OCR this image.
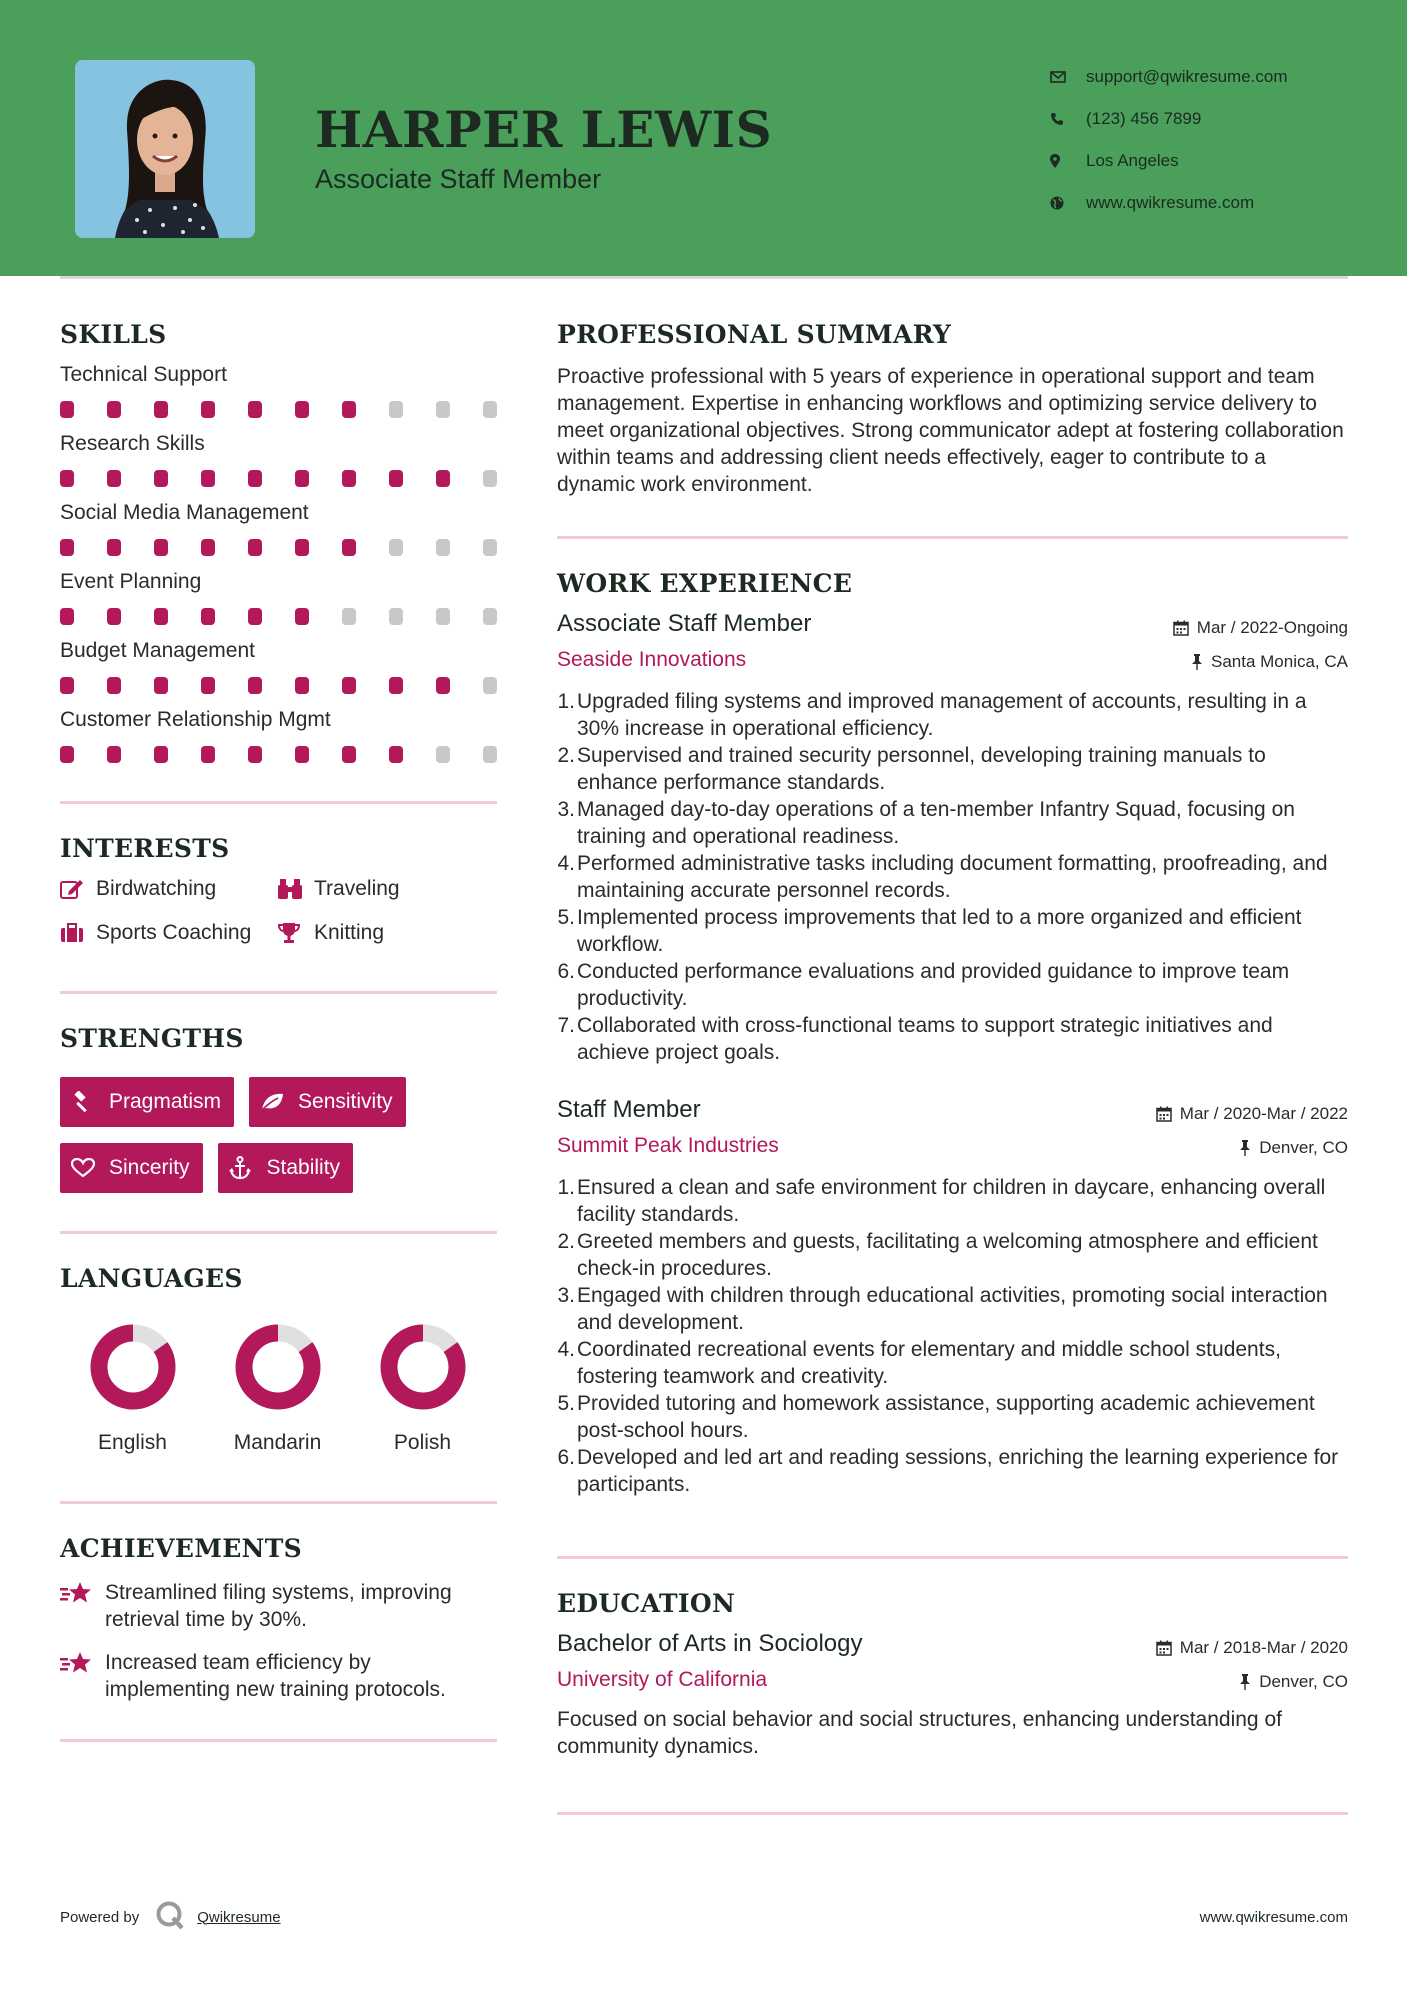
HARPER LEWIS
Associate Staff Member
support@qwikresume.com
(123) 456 7899
Los Angeles
www.qwikresume.com
SKILLS
Technical Support
Research Skills
Social Media Management
Event Planning
Budget Management
Customer Relationship Mgmt
INTERESTS
Birdwatching	Traveling
Sports Coaching	Knitting
STRENGTHS
Pragmatism	Sensitivity
Sincerity	Stability
LANGUAGES
English	Mandarin	Polish
ACHIEVEMENTS
Streamlined filing systems, improving retrieval time by 30%.
Increased team efficiency by implementing new training protocols.
PROFESSIONAL SUMMARY

Proactive professional with 5 years of experience in operational support and team management. Expertise in enhancing workflows and optimizing service delivery to meet organizational objectives. Strong communicator adept at fostering collaboration within teams and addressing client needs effectively, eager to contribute to a dynamic work environment.

WORK EXPERIENCE
Associate Staff Member	Mar / 2022-Ongoing
Seaside Innovations	Santa Monica, CA
1. Upgraded filing systems and improved management of accounts, resulting in a 30% increase in operational efficiency.
2. Supervised and trained security personnel, developing training manuals to enhance performance standards.
3. Managed day-to-day operations of a ten-member Infantry Squad, focusing on training and operational readiness.
4. Performed administrative tasks including document formatting, proofreading, and maintaining accurate personnel records.
5. Implemented process improvements that led to a more organized and efficient workflow.
6. Conducted performance evaluations and provided guidance to improve team productivity.
7. Collaborated with cross-functional teams to support strategic initiatives and achieve project goals.
Staff Member	Mar / 2020-Mar / 2022
Summit Peak Industries	Denver, CO
1. Ensured a clean and safe environment for children in daycare, enhancing overall facility standards.
2. Greeted members and guests, facilitating a welcoming atmosphere and efficient check-in procedures.
3. Engaged with children through educational activities, promoting social interaction and development.
4. Coordinated recreational events for elementary and middle school students, fostering teamwork and creativity.
5. Provided tutoring and homework assistance, supporting academic achievement post-school hours.
6. Developed and led art and reading sessions, enriching the learning experience for participants.
EDUCATION
Bachelor of Arts in Sociology	Mar / 2018-Mar / 2020
University of California	Denver, CO

Focused on social behavior and social structures, enhancing understanding of community dynamics.

Powered by	Qwikresume	www.qwikresume.com
